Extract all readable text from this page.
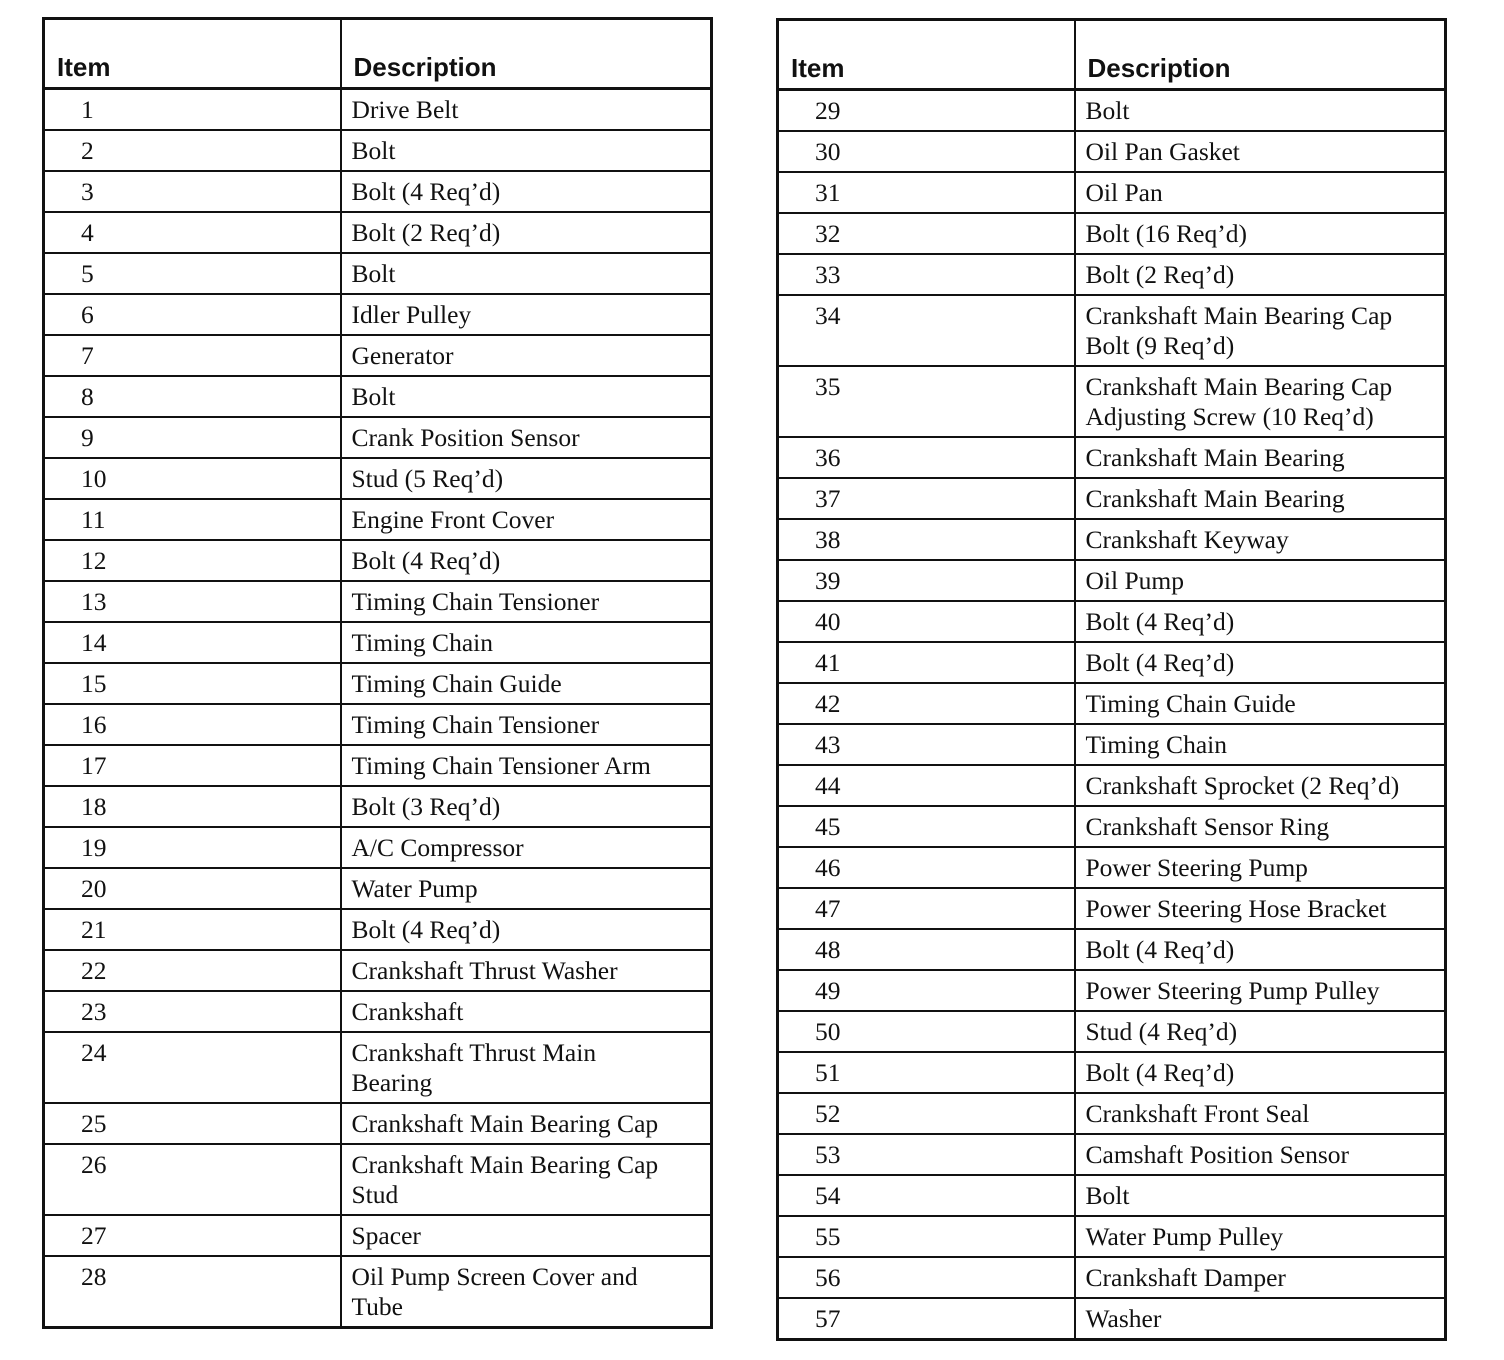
Item	Description
1	Drive Belt

2	Bolt

3	Bolt (4 Req’d)

4	Bolt (2 Req’d)

5	Bolt

6	Idler Pulley

7	Generator

8	Bolt

9	Crank Position Sensor

10	Stud (5 Req’d)

11	Engine Front Cover

12	Bolt (4 Req’d)

13	Timing Chain Tensioner

14	Timing Chain

15	Timing Chain Guide

16	Timing Chain Tensioner

17	Timing Chain Tensioner Arm

18	Bolt (3 Req’d)

19	A/C Compressor

20	Water Pump

21	Bolt (4 Req’d)

22	Crankshaft Thrust Washer

23	Crankshaft

24	Crankshaft Thrust Main
Bearing

25	Crankshaft Main Bearing Cap

26	Crankshaft Main Bearing Cap
Stud

27	Spacer

28	Oil Pump Screen Cover and
Tube
Item	Description
29	Bolt

30	Oil Pan Gasket

31	Oil Pan

32	Bolt (16 Req’d)

33	Bolt (2 Req’d)

34	Crankshaft Main Bearing Cap
Bolt (9 Req’d)

35	Crankshaft Main Bearing Cap
Adjusting Screw (10 Req’d)

36	Crankshaft Main Bearing

37	Crankshaft Main Bearing

38	Crankshaft Keyway

39	Oil Pump

40	Bolt (4 Req’d)

41	Bolt (4 Req’d)

42	Timing Chain Guide

43	Timing Chain

44	Crankshaft Sprocket (2 Req’d)

45	Crankshaft Sensor Ring

46	Power Steering Pump

47	Power Steering Hose Bracket

48	Bolt (4 Req’d)

49	Power Steering Pump Pulley

50	Stud (4 Req’d)

51	Bolt (4 Req’d)

52	Crankshaft Front Seal

53	Camshaft Position Sensor

54	Bolt

55	Water Pump Pulley

56	Crankshaft Damper

57	Washer
